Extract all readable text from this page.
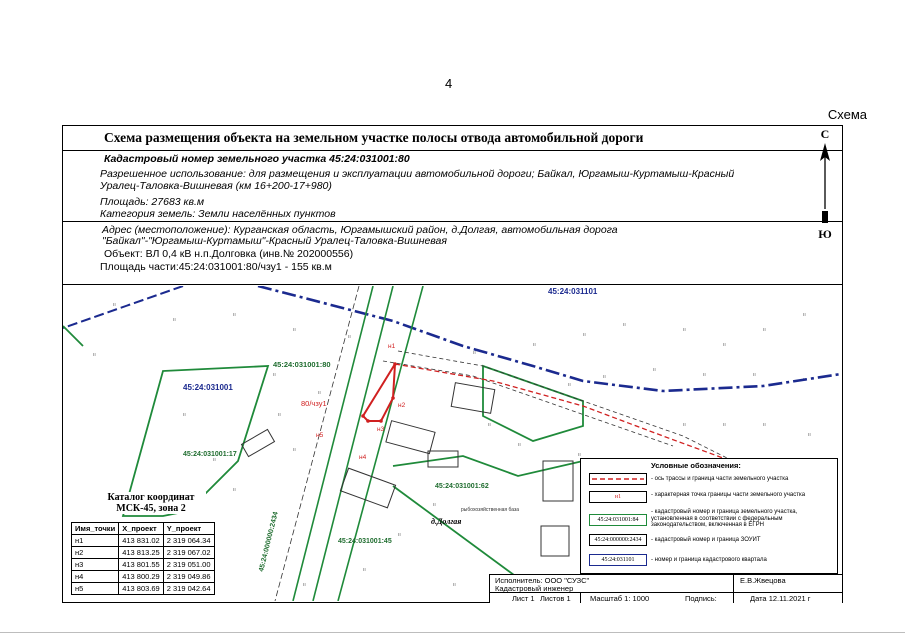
4
Схема
Схема размещения объекта на земельном участке полосы отвода автомобильной дороги
Кадастровый номер земельного участка 45:24:031001:80
Разрешенное использование: для размещения и эксплуатации автомобильной дороги; Байкал, Юргамыш-Куртамыш-Красный
Уралец-Таловка-Вишневая (км 16+200-17+980)
Площадь: 27683 кв.м
Категория земель: Земли населённых пунктов
Адрес (местоположение): Курганская область, Юргамышский район, д.Долгая, автомобильная дорога
"Байкал"-"Юргамыш-Куртамыш"-Красный Уралец-Таловка-Вишневая
Объект: ВЛ 0,4 кВ н.п.Долговка (инв.№ 202000556)
Площадь части:45:24:031001:80/чзу1 - 155 кв.м
С
Ю
ıı
ıı
ıı
ıı
ıı
ıı
ıı
ıı
ıı
ıı
ıı
ıı
ıı	ıı
ıı
ıı
ıı
ıı	ıı
ıı
ıı
ıı
ıı
ıı
ıı
ıı
ıı
ıı
ıı
ıı
ıı
ıı
ıı
ıı
ıı
ıı
ıı
ıı
ıı
н1
н2
н3
н4
н5
45:24:031101
45:24:031001
45:24:031001:80
80/чзу1
45:24:031001:17
45:24:031001:62
45:24:031001:45
45:24:000000:2434	д.Долгая
рыбохозяйственная база
Каталог координат
МСК-45, зона 2
Имя_точки	X_проект	Y_проект
н1	413 831.02	2 319 064.34
н2	413 813.25	2 319 067.02
н3	413 801.55	2 319 051.00
н4	413 800.29	2 319 049.86
н5	413 803.69	2 319 042.64
Условные обозначения:
- ось трассы и граница части земельного участка
н1	- характерная точка границы части земельного участка
45:24:031001:84
- кадастровый номер и граница земельного участка, установленная в соответствии с федеральным законодательством, включенная в ЕГРН
45:24:000000:2434	- кадастровый номер и граница ЗОУИТ
45:24:031101	- номер и граница кадастрового квартала
Исполнитель: ООО "СУЗС"
Кадастровый инженер
Е.В.Жвецова
Лист 1 Листов 1	Масштаб 1: 1000	Подпись:	Дата 12.11.2021 г
